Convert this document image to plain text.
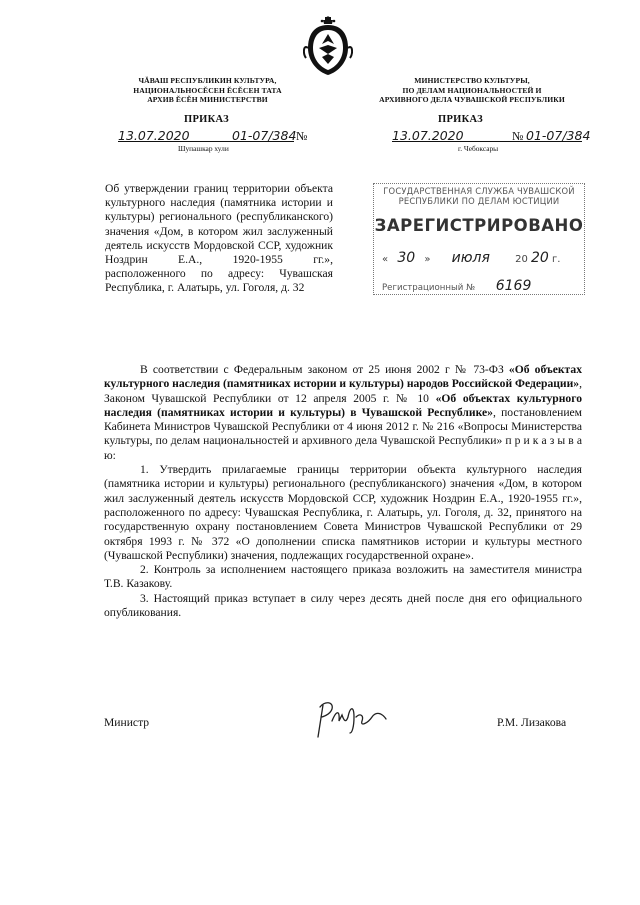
ЧĂВАШ РЕСПУБЛИКИН КУЛЬТУРА,
НАЦИОНАЛЬНОСĔСЕН ĔСĔСЕН ТАТА
АРХИВ ĔСĔН МИНИСТЕРСТВИ
ПРИКАЗ
13.07.2020	01-07/384 №
Шупашкар хули
МИНИСТЕРСТВО КУЛЬТУРЫ,
ПО ДЕЛАМ НАЦИОНАЛЬНОСТЕЙ И
АРХИВНОГО ДЕЛА ЧУВАШСКОЙ РЕСПУБЛИКИ
ПРИКАЗ
13.07.2020	№ 01-07/384
г. Чебоксары
Об утверждении границ территории объекта культурного наследия (памятника истории и культуры) регионального (республиканского) значения «Дом, в котором жил заслуженный деятель искусств Мордовской ССР, художник Ноздрин Е.А., 1920-1955 гг.», расположенного по адресу: Чувашская Республика, г. Алатырь, ул. Гоголя, д. 32
ГОСУДАРСТВЕННАЯ СЛУЖБА ЧУВАШСКОЙ
РЕСПУБЛИКИ ПО ДЕЛАМ ЮСТИЦИИ
ЗАРЕГИСТРИРОВАНО
« 30 » июля	20 20 г.
Регистрационный № 6169

В соответствии с Федеральным законом от 25 июня 2002 г № 73-ФЗ «Об объектах культурного наследия (памятниках истории и культуры) народов Российской Федерации», Законом Чувашской Республики от 12 апреля 2005 г. № 10 «Об объектах культурного наследия (памятниках истории и культуры) в Чувашской Республике», постановлением Кабинета Министров Чувашской Республики от 4 июня 2012 г. № 216 «Вопросы Министерства культуры, по делам национальностей и архивного дела Чувашской Республики» п р и к а з ы в а ю:

1. Утвердить прилагаемые границы территории объекта культурного наследия (памятника истории и культуры) регионального (республиканского) значения «Дом, в котором жил заслуженный деятель искусств Мордовской ССР, художник Ноздрин Е.А., 1920-1955 гг.», расположенного по адресу: Чувашская Республика, г. Алатырь, ул. Гоголя, д. 32, принятого на государственную охрану постановлением Совета Министров Чувашской Республики от 29 октября 1993 г. № 372 «О дополнении списка памятников истории и культуры местного (Чувашской Республики) значения, подлежащих государственной охране».

2. Контроль за исполнением настоящего приказа возложить на заместителя министра Т.В. Казакову.

3. Настоящий приказ вступает в силу через десять дней после дня его официального опубликования.

Министр	Р.М. Лизакова
